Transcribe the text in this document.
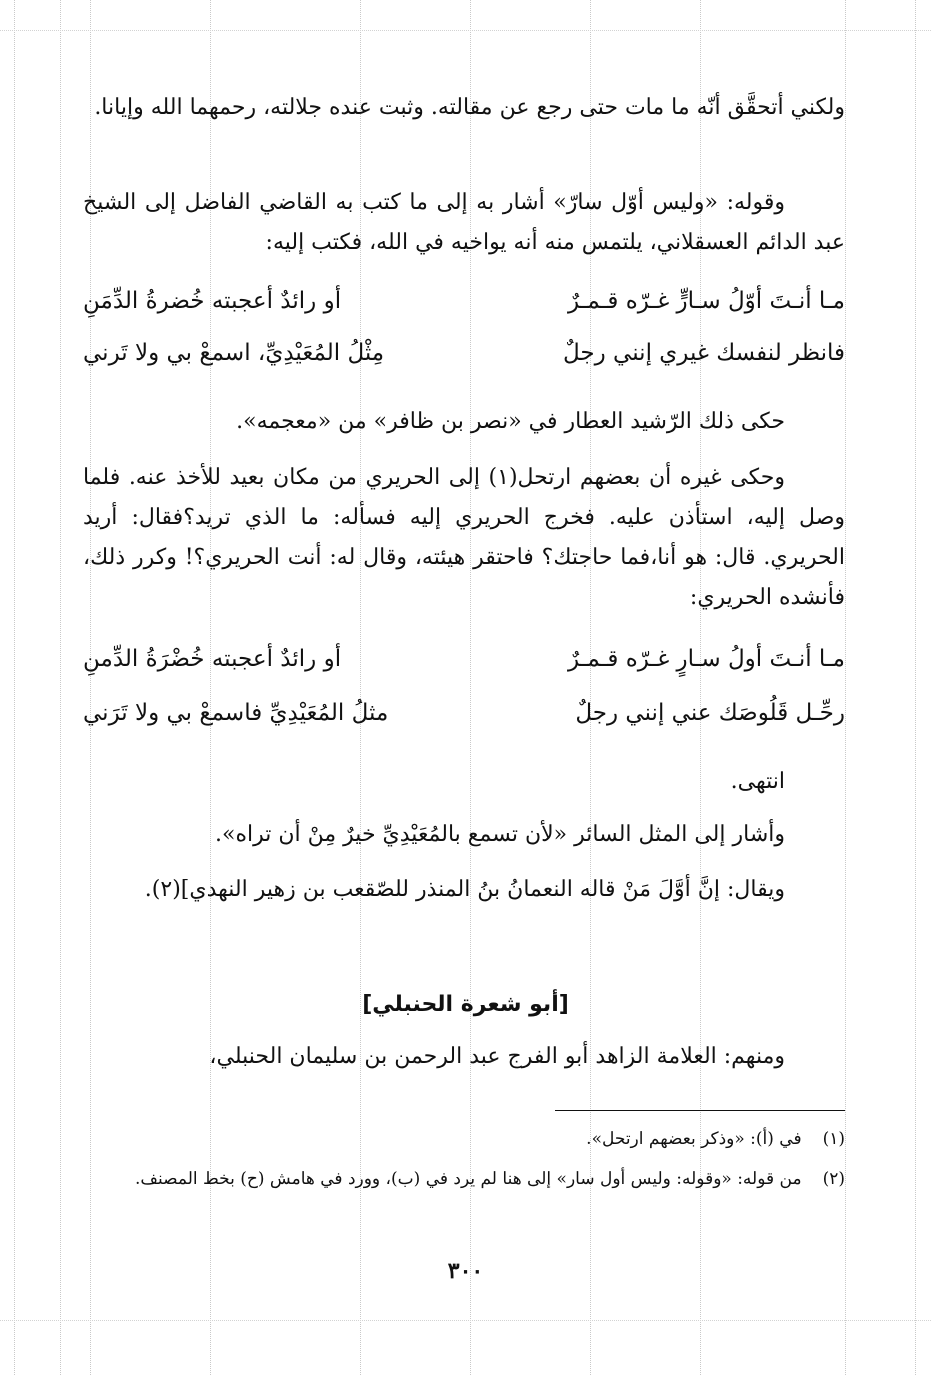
ولكني أتحقَّق أنّه ما مات حتى رجع عن مقالته. وثبت عنده جلالته، رحمهما الله وإيانا.

وقوله: «وليس أوّل سارّ» أشار به إلى ما كتب به القاضي الفاضل إلى الشيخ عبد الدائم العسقلاني، يلتمس منه أنه يواخيه في الله، فكتب إليه:

مـا أنـتَ أوّلُ سـارٍّ غـرّه قـمـرٌ
أو رائدٌ أعجبته خُضرةُ الدِّمَنِ
فانظر لنفسك غيري إنني رجلٌ
مِثْلُ المُعَيْدِيِّ، اسمعْ بي ولا تَرني

حكى ذلك الرّشيد العطار في «نصر بن ظافر» من «معجمه».

وحكى غيره أن بعضهم ارتحل(١) إلى الحريري من مكان بعيد للأخذ عنه. فلما وصل إليه، استأذن عليه. فخرج الحريري إليه فسأله: ما الذي تريد؟فقال: أريد الحريري. قال: هو أنا،فما حاجتك؟ فاحتقر هيئته، وقال له: أنت الحريري؟! وكرر ذلك، فأنشده الحريري:

مـا أنـتَ أولُ سـارٍ غـرّه قـمـرٌ
أو رائدٌ أعجبته خُضْرَةُ الدِّمنِ
رحِّـل قَلُوصَك عني إنني رجلٌ
مثلُ المُعَيْدِيِّ فاسمعْ بي ولا تَرَني

انتهى.

وأشار إلى المثل السائر «لأن تسمع بالمُعَيْدِيِّ خيرٌ مِنْ أن تراه».

ويقال: إنَّ أوَّلَ مَنْ قاله النعمانُ بنُ المنذر للصّقعب بن زهير النهدي](٢).

[أبو شعرة الحنبلي]

ومنهم: العلامة الزاهد أبو الفرج عبد الرحمن بن سليمان الحنبلي،

(١) في (أ): «وذكر بعضهم ارتحل».
(٢) من قوله: «وقوله: وليس أول سار» إلى هنا لم يرد في (ب)، وورد في هامش (ح) بخط المصنف.
٣٠٠
